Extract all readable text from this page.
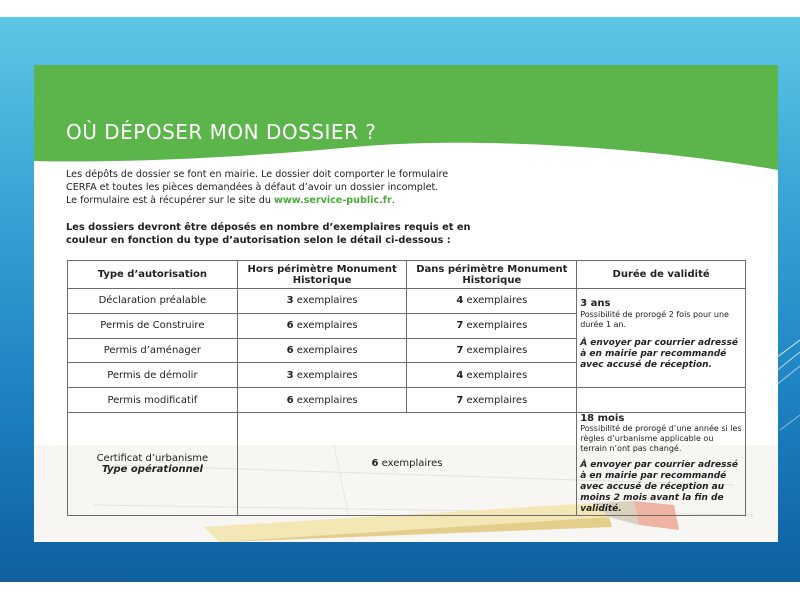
OÙ DÉPOSER MON DOSSIER ?
Les dépôts de dossier se font en mairie. Le dossier doit comporter le formulaire
CERFA et toutes les pièces demandées à défaut d’avoir un dossier incomplet.
Le formulaire est à récupérer sur le site du www.service-public.fr.
Les dossiers devront être déposés en nombre d’exemplaires requis et en couleur en fonction du type d’autorisation selon le détail ci-dessous :
Type d’autorisation	Hors périmètre Monument Historique	Dans périmètre Monument Historique	Durée de validité
Déclaration préalable	3 exemplaires	4 exemplaires	3 ans
Possibilité de prorogé 2 fois pour une durée 1 an.
À envoyer par courrier adressé à en mairie par recommandé avec accusé de réception.

Permis de Construire	6 exemplaires	7 exemplaires	
Permis d’aménager	6 exemplaires	7 exemplaires	
Permis de démolir	3 exemplaires	4 exemplaires	
Permis modificatif	6 exemplaires	7 exemplaires	
Certificat d’urbanisme
Type opérationnel	6 exemplaires		18 mois
Possibilité de prorogé d’une année si les règles d’urbanisme applicable ou terrain n’ont pas changé.
À envoyer par courrier adressé à en mairie par recommandé avec accusé de réception au moins 2 mois avant la fin de validité.
